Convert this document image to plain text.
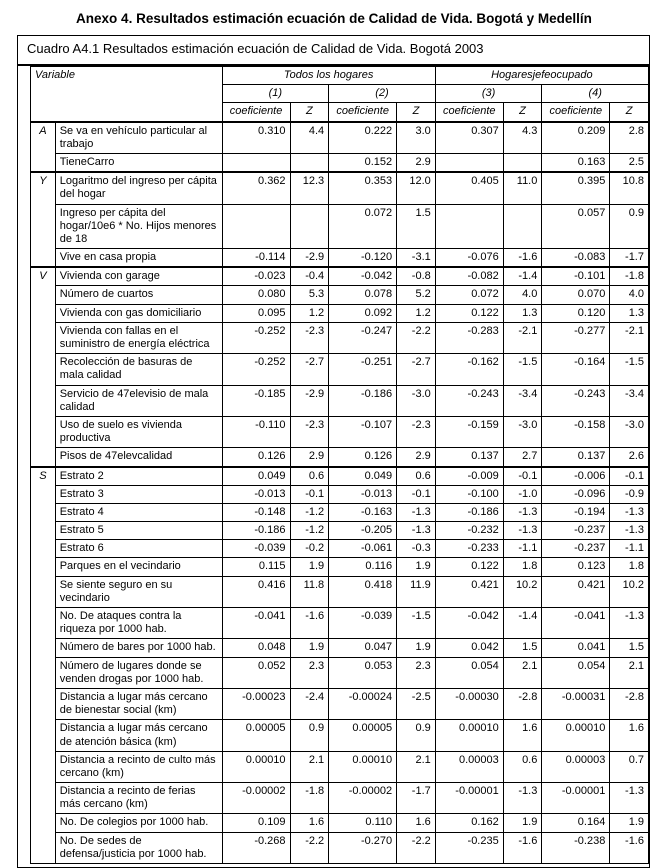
Anexo 4. Resultados estimación ecuación de Calidad de Vida. Bogotá y Medellín
Cuadro A4.1 Resultados estimación ecuación de Calidad de Vida. Bogotá 2003
Variable		Todos los hogares				Hogaresjefeocupado			
		(1)		(2)		(3)		(4)	
		coeficiente	Z	coeficiente	Z	coeficiente	Z	coeficiente	Z
A	Se va en vehículo particular al trabajo	0.310	4.4	0.222	3.0	0.307	4.3	0.209	2.8
	TieneCarro			0.152	2.9			0.163	2.5
Y	Logaritmo del ingreso per cápita del hogar	0.362	12.3	0.353	12.0	0.405	11.0	0.395	10.8
	Ingreso per cápita del hogar/10e6 * No. Hijos menores de 18			0.072	1.5			0.057	0.9
	Vive en casa propia	-0.114	-2.9	-0.120	-3.1	-0.076	-1.6	-0.083	-1.7
V	Vivienda con garage	-0.023	-0.4	-0.042	-0.8	-0.082	-1.4	-0.101	-1.8
	Número de cuartos	0.080	5.3	0.078	5.2	0.072	4.0	0.070	4.0
	Vivienda con gas domiciliario	0.095	1.2	0.092	1.2	0.122	1.3	0.120	1.3
	Vivienda con fallas en el suministro de energía eléctrica	-0.252	-2.3	-0.247	-2.2	-0.283	-2.1	-0.277	-2.1
	Recolección de basuras de mala calidad	-0.252	-2.7	-0.251	-2.7	-0.162	-1.5	-0.164	-1.5
	Servicio de 47elevisio de mala calidad	-0.185	-2.9	-0.186	-3.0	-0.243	-3.4	-0.243	-3.4
	Uso de suelo es vivienda productiva	-0.110	-2.3	-0.107	-2.3	-0.159	-3.0	-0.158	-3.0
	Pisos de 47elevcalidad	0.126	2.9	0.126	2.9	0.137	2.7	0.137	2.6
S	Estrato 2	0.049	0.6	0.049	0.6	-0.009	-0.1	-0.006	-0.1
	Estrato 3	-0.013	-0.1	-0.013	-0.1	-0.100	-1.0	-0.096	-0.9
	Estrato 4	-0.148	-1.2	-0.163	-1.3	-0.186	-1.3	-0.194	-1.3
	Estrato 5	-0.186	-1.2	-0.205	-1.3	-0.232	-1.3	-0.237	-1.3
	Estrato 6	-0.039	-0.2	-0.061	-0.3	-0.233	-1.1	-0.237	-1.1
	Parques en el vecindario	0.115	1.9	0.116	1.9	0.122	1.8	0.123	1.8
	Se siente seguro en su vecindario	0.416	11.8	0.418	11.9	0.421	10.2	0.421	10.2
	No. De ataques contra la riqueza por 1000 hab.	-0.041	-1.6	-0.039	-1.5	-0.042	-1.4	-0.041	-1.3
	Número de bares por 1000 hab.	0.048	1.9	0.047	1.9	0.042	1.5	0.041	1.5
	Número de lugares donde se venden drogas por 1000 hab.	0.052	2.3	0.053	2.3	0.054	2.1	0.054	2.1
	Distancia a lugar más cercano de bienestar social (km)	-0.00023	-2.4	-0.00024	-2.5	-0.00030	-2.8	-0.00031	-2.8
	Distancia a lugar más cercano de atención básica (km)	0.00005	0.9	0.00005	0.9	0.00010	1.6	0.00010	1.6
	Distancia a recinto de culto más cercano (km)	0.00010	2.1	0.00010	2.1	0.00003	0.6	0.00003	0.7
	Distancia a recinto de ferias más cercano (km)	-0.00002	-1.8	-0.00002	-1.7	-0.00001	-1.3	-0.00001	-1.3
	No. De colegios por 1000 hab.	0.109	1.6	0.110	1.6	0.162	1.9	0.164	1.9
	No. De sedes de defensa/justicia por 1000 hab.	-0.268	-2.2	-0.270	-2.2	-0.235	-1.6	-0.238	-1.6
